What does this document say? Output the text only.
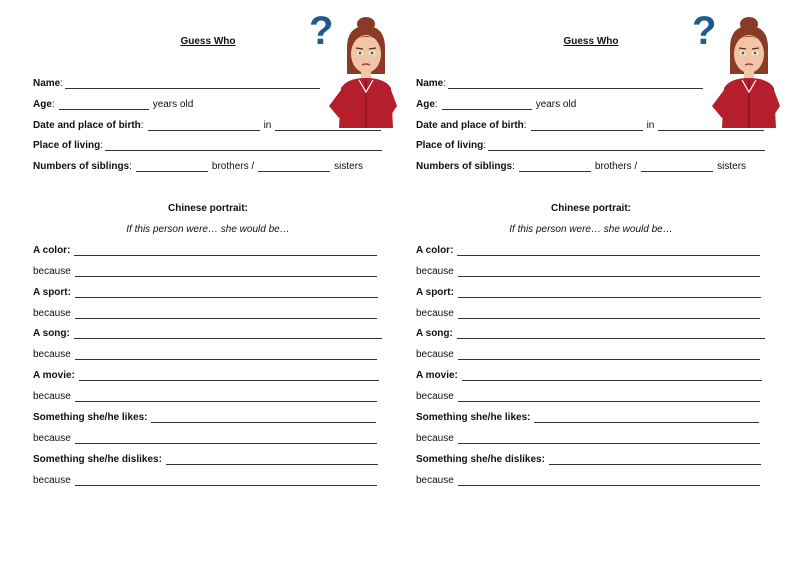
Guess Who	?
Name :
Age :	years old
Date and place of birth :	in
Place of living :
Numbers of siblings :	brothers /	sisters
Chinese portrait:
If this person were… she would be…
A color:
because
A sport:
because
A song:
because
A movie:
because
Something she/he likes:
because
Something she/he dislikes:
because
Guess Who	?
Name :
Age :	years old
Date and place of birth :	in
Place of living :
Numbers of siblings :	brothers /	sisters
Chinese portrait:
If this person were… she would be…
A color:
because
A sport:
because
A song:
because
A movie:
because
Something she/he likes:
because
Something she/he dislikes:
because
